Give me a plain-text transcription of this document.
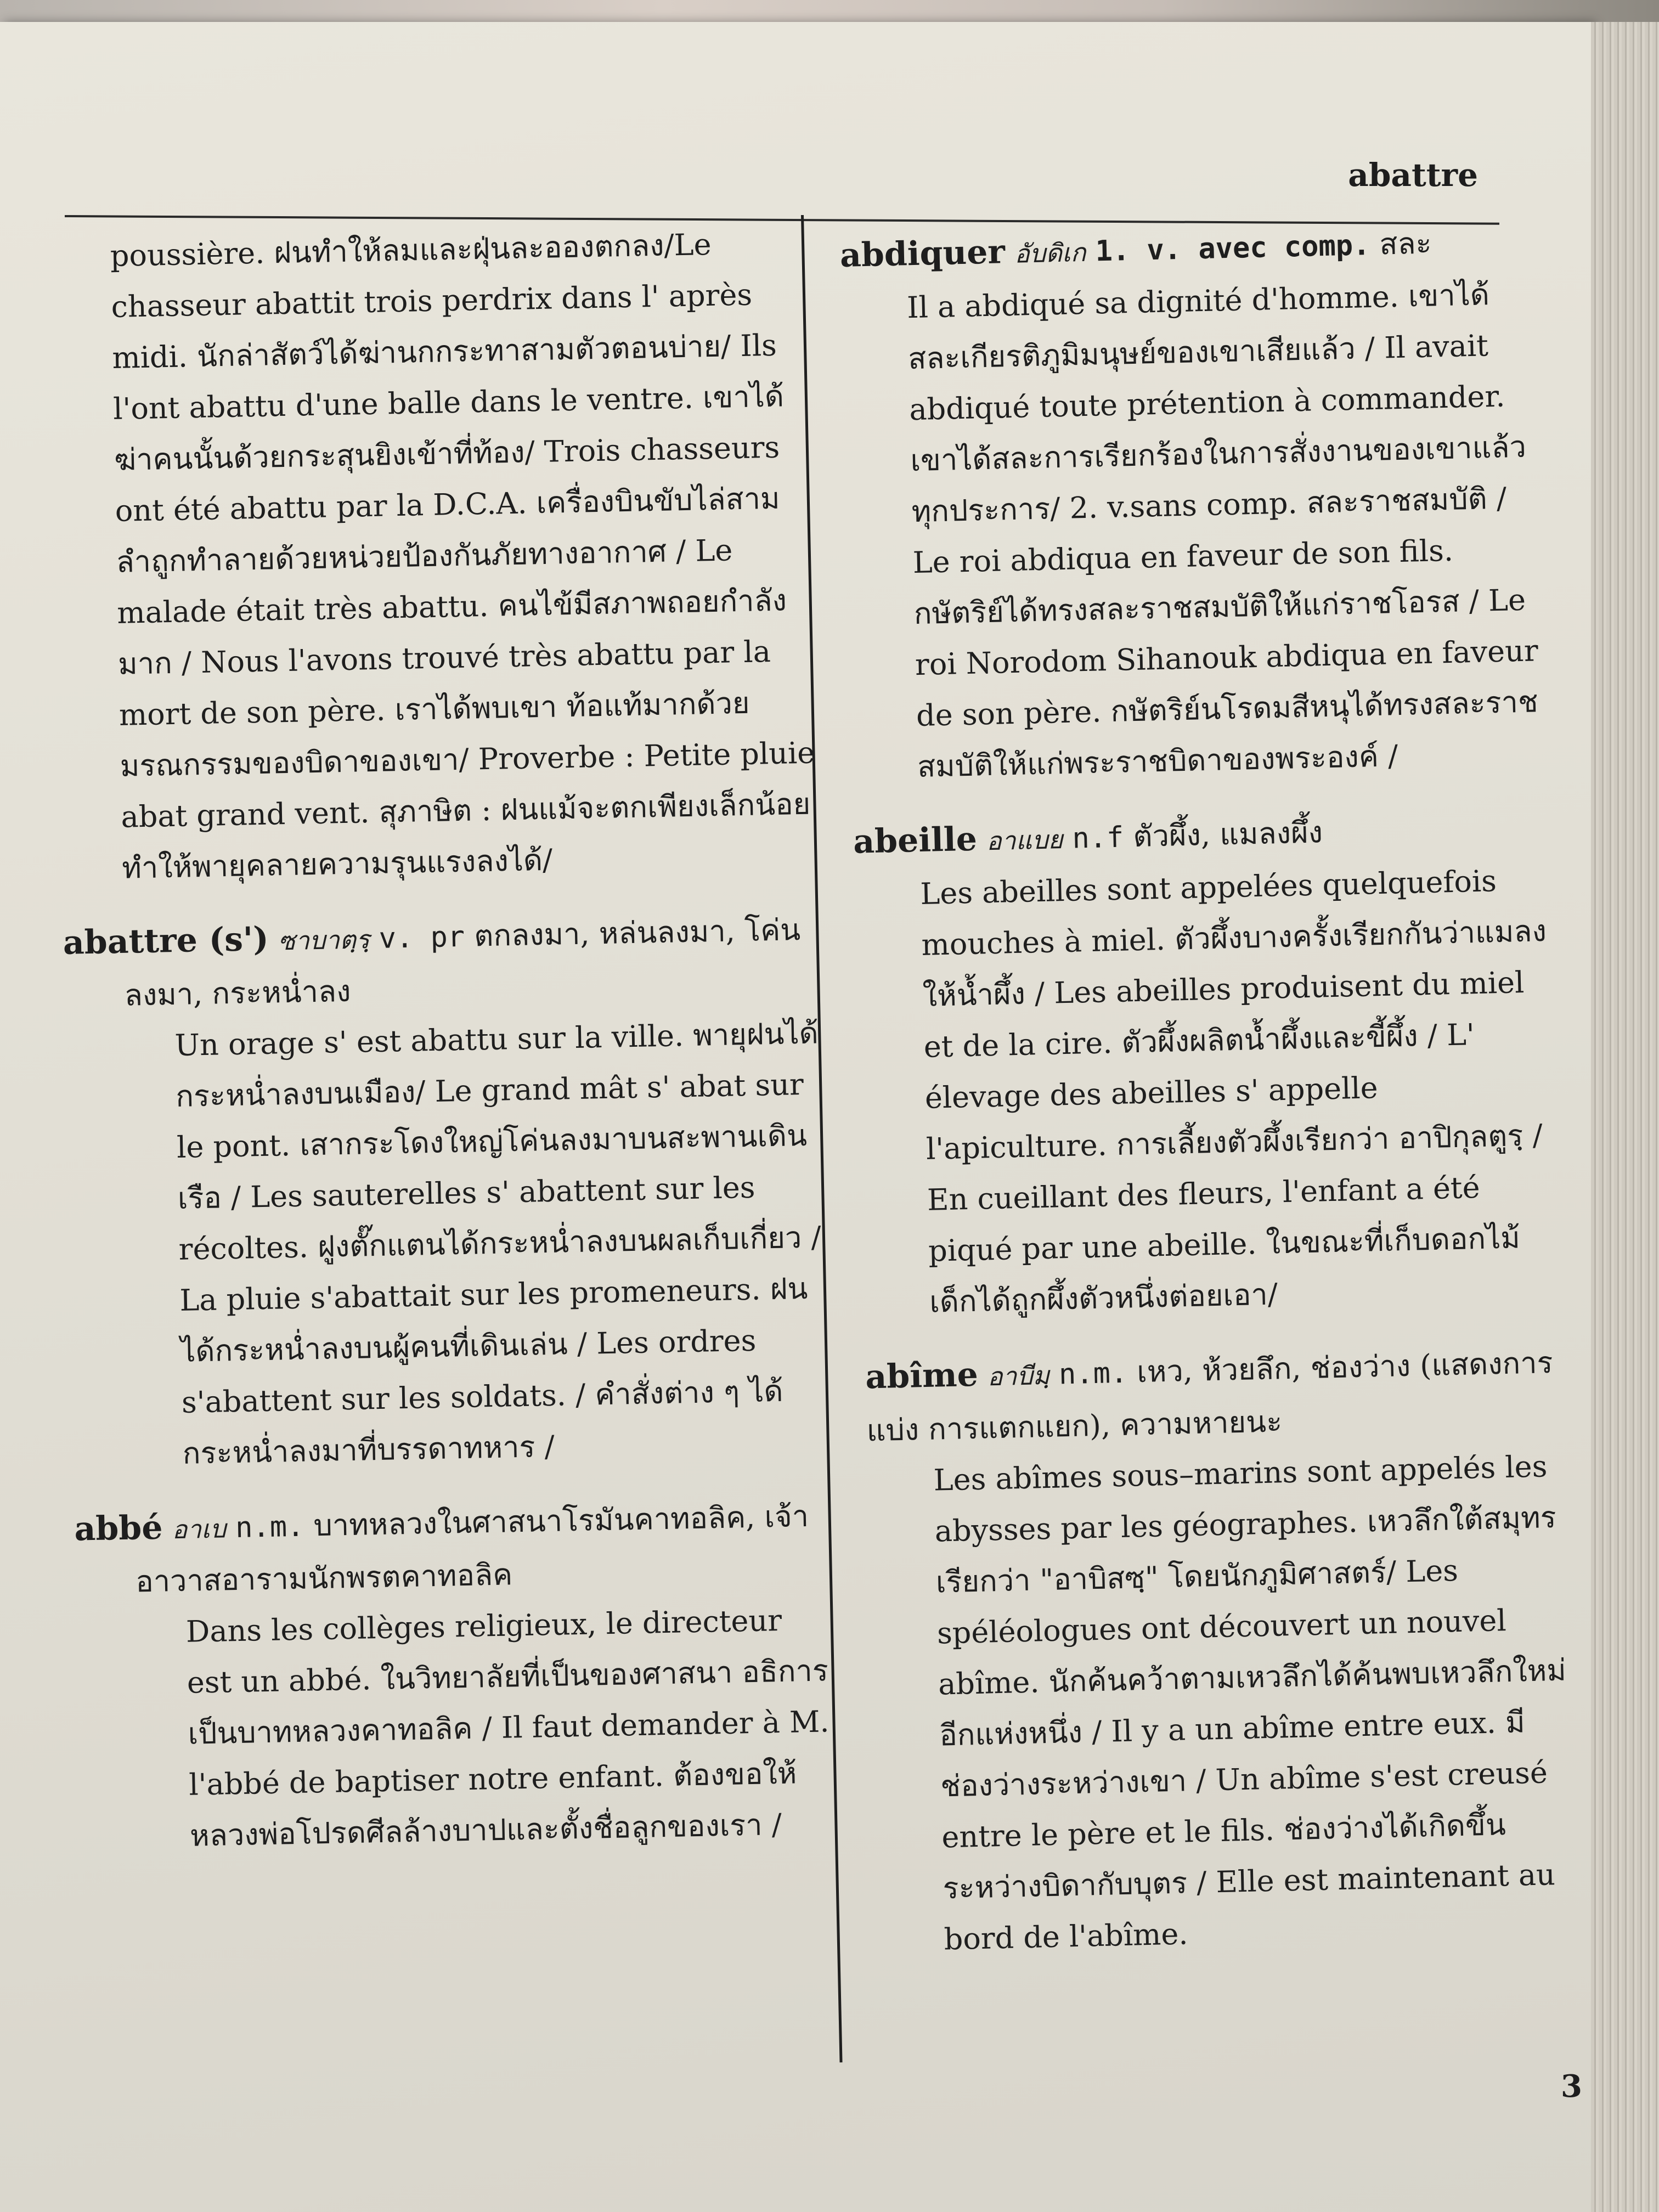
abattre

poussière. ฝนทำให้ลมและฝุ่นละอองตกลง/Le chasseur abattit trois perdrix dans l' après midi. นักล่าสัตว์ได้ฆ่านกกระทาสามตัวตอนบ่าย/ Ils l'ont abattu d'une balle dans le ventre. เขาได้ฆ่าคนนั้นด้วยกระสุนยิงเข้าที่ท้อง/ Trois chasseurs ont été abattu par la D.C.A. เครื่องบินขับไล่สามลำถูกทำลายด้วยหน่วยป้องกันภัยทางอากาศ / Le malade était très abattu. คนไข้มีสภาพถอยกำลังมาก / Nous l'avons trouvé très abattu par la mort de son père. เราได้พบเขา ท้อแท้มากด้วยมรณกรรมของบิดาของเขา/ Proverbe : Petite pluie abat grand vent. สุภาษิต : ฝนแม้จะตกเพียงเล็กน้อย ทำให้พายุคลายความรุนแรงลงได้/

abattre (s') ซาบาตฺรฺ v. pr ตกลงมา, หล่นลงมา, โค่นลงมา, กระหน่ำลง

Un orage s' est abattu sur la ville. พายุฝนได้กระหน่ำลงบนเมือง/ Le grand mât s' abat sur le pont. เสากระโดงใหญ่โค่นลงมาบนสะพานเดินเรือ / Les sauterelles s' abattent sur les récoltes. ฝูงตั๊กแตนได้กระหน่ำลงบนผลเก็บเกี่ยว / La pluie s'abattait sur les promeneurs. ฝนได้กระหน่ำลงบนผู้คนที่เดินเล่น / Les ordres s'abattent sur les soldats. / คำสั่งต่าง ๆ ได้กระหน่ำลงมาที่บรรดาทหาร /

abbé อาเบ n.m. บาทหลวงในศาสนาโรมันคาทอลิค, เจ้าอาวาสอารามนักพรตคาทอลิค

Dans les collèges religieux, le directeur est un abbé. ในวิทยาลัยที่เป็นของศาสนา อธิการเป็นบาทหลวงคาทอลิค / Il faut demander à M. l'abbé de baptiser notre enfant. ต้องขอให้หลวงพ่อโปรดศีลล้างบาปและตั้งชื่อลูกของเรา /

abdiquer อับดิเก 1. v. avec comp. สละ

Il a abdiqué sa dignité d'homme. เขาได้สละเกียรติภูมิมนุษย์ของเขาเสียแล้ว / Il avait abdiqué toute prétention à commander. เขาได้สละการเรียกร้องในการสั่งงานของเขาแล้วทุกประการ/ 2. v.sans comp. สละราชสมบัติ / Le roi abdiqua en faveur de son fils. กษัตริย์ได้ทรงสละราชสมบัติให้แก่ราชโอรส / Le roi Norodom Sihanouk abdiqua en faveur de son père. กษัตริย์นโรดมสีหนุได้ทรงสละราชสมบัติให้แก่พระราชบิดาของพระองค์ /

abeille อาแบย n.f ตัวผึ้ง, แมลงผึ้ง

Les abeilles sont appelées quelquefois mouches à miel. ตัวผึ้งบางครั้งเรียกกันว่าแมลงให้น้ำผึ้ง / Les abeilles produisent du miel et de la cire. ตัวผึ้งผลิตน้ำผึ้งและขี้ผึ้ง / L' élevage des abeilles s' appelle l'apiculture. การเลี้ยงตัวผึ้งเรียกว่า อาปิกุลตูรฺ / En cueillant des fleurs, l'enfant a été piqué par une abeille. ในขณะที่เก็บดอกไม้ เด็กได้ถูกผึ้งตัวหนึ่งต่อยเอา/

abîme อาบีมฺ n.m. เหว, ห้วยลึก, ช่องว่าง (แสดงการแบ่ง การแตกแยก), ความหายนะ

Les abîmes sous–marins sont appelés les abysses par les géographes. เหวลึกใต้สมุทรเรียกว่า "อาบิสซฺ" โดยนักภูมิศาสตร์/ Les spéléologues ont découvert un nouvel abîme. นักค้นคว้าตามเหวลึกได้ค้นพบเหวลึกใหม่อีกแห่งหนึ่ง / Il y a un abîme entre eux. มีช่องว่างระหว่างเขา / Un abîme s'est creusé entre le père et le fils. ช่องว่างได้เกิดขึ้นระหว่างบิดากับบุตร / Elle est maintenant au bord de l'abîme.

3
